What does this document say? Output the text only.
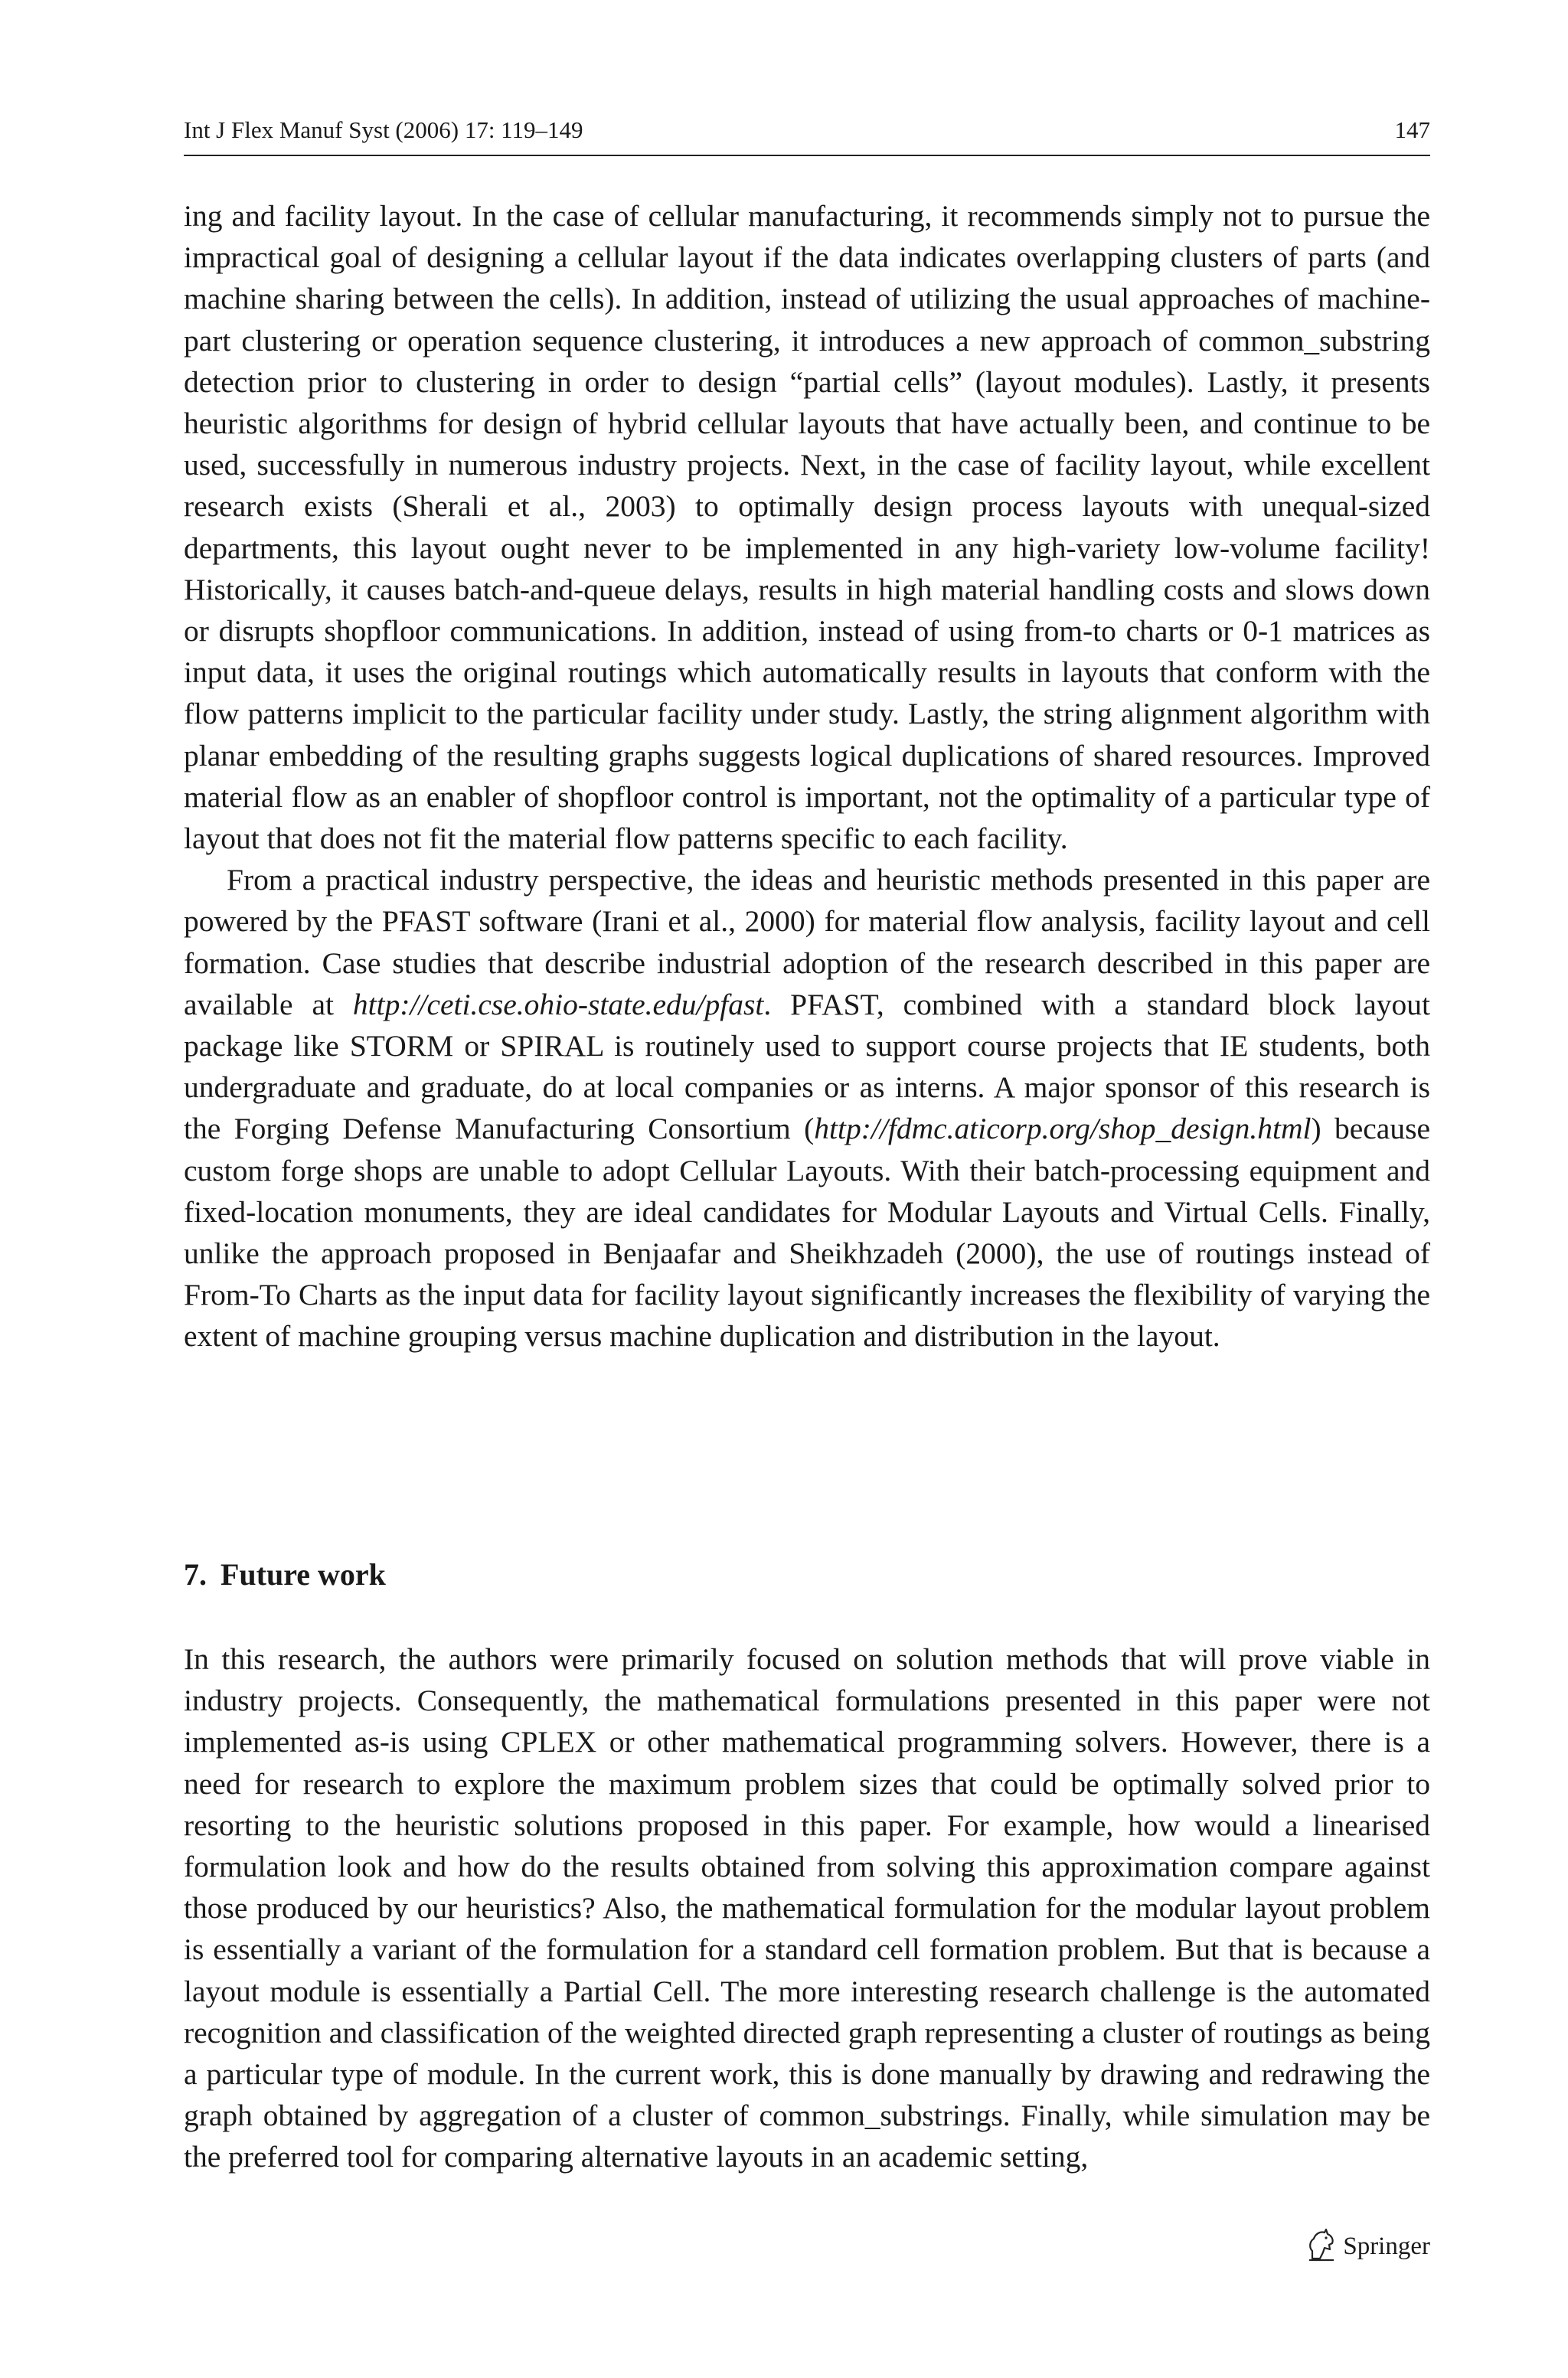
Int J Flex Manuf Syst (2006) 17: 119–149	147

ing and facility layout. In the case of cellular manufacturing, it recommends simply not to pursue the impractical goal of designing a cellular layout if the data indicates overlapping clusters of parts (and machine sharing between the cells). In addition, instead of utilizing the usual approaches of machine-part clustering or operation sequence clustering, it introduces a new approach of common_substring detection prior to clustering in order to design “partial cells” (layout modules). Lastly, it presents heuristic algorithms for design of hybrid cellular layouts that have actually been, and continue to be used, successfully in numerous industry projects. Next, in the case of facility layout, while excellent research exists (Sherali et al., 2003) to optimally design process layouts with unequal-sized departments, this layout ought never to be implemented in any high-variety low-volume facility! Historically, it causes batch-and-queue delays, results in high material handling costs and slows down or disrupts shopfloor communications. In addition, instead of using from-to charts or 0-1 matrices as input data, it uses the original routings which automatically results in layouts that conform with the flow patterns implicit to the particular facility under study. Lastly, the string alignment algorithm with planar embedding of the resulting graphs suggests logical duplications of shared resources. Improved material flow as an enabler of shopfloor control is important, not the optimality of a particular type of layout that does not fit the material flow patterns specific to each facility.

From a practical industry perspective, the ideas and heuristic methods presented in this paper are powered by the PFAST software (Irani et al., 2000) for material flow analysis, facility layout and cell formation. Case studies that describe industrial adoption of the research described in this paper are available at http://ceti.cse.ohio-state.edu/pfast. PFAST, combined with a standard block layout package like STORM or SPIRAL is routinely used to support course projects that IE students, both undergraduate and graduate, do at local companies or as interns. A major sponsor of this research is the Forging Defense Manufacturing Consortium (http://fdmc.aticorp.org/shop_design.html) because custom forge shops are unable to adopt Cellular Layouts. With their batch-processing equipment and fixed-location monuments, they are ideal candidates for Modular Layouts and Virtual Cells. Finally, unlike the approach proposed in Benjaafar and Sheikhzadeh (2000), the use of routings instead of From-To Charts as the input data for facility layout significantly increases the flexibility of varying the extent of machine grouping versus machine duplication and distribution in the layout.

7. Future work

In this research, the authors were primarily focused on solution methods that will prove viable in industry projects. Consequently, the mathematical formulations presented in this paper were not implemented as-is using CPLEX or other mathematical programming solvers. However, there is a need for research to explore the maximum problem sizes that could be optimally solved prior to resorting to the heuristic solutions proposed in this paper. For example, how would a linearised formulation look and how do the results obtained from solving this approximation compare against those produced by our heuristics? Also, the mathematical formulation for the modular layout problem is essentially a variant of the formulation for a standard cell formation problem. But that is because a layout module is essentially a Partial Cell. The more interesting research challenge is the automated recognition and classification of the weighted directed graph representing a cluster of routings as being a particular type of module. In the current work, this is done manually by drawing and redrawing the graph obtained by aggregation of a cluster of common_substrings. Finally, while simulation may be the preferred tool for comparing alternative layouts in an academic setting,

Springer
